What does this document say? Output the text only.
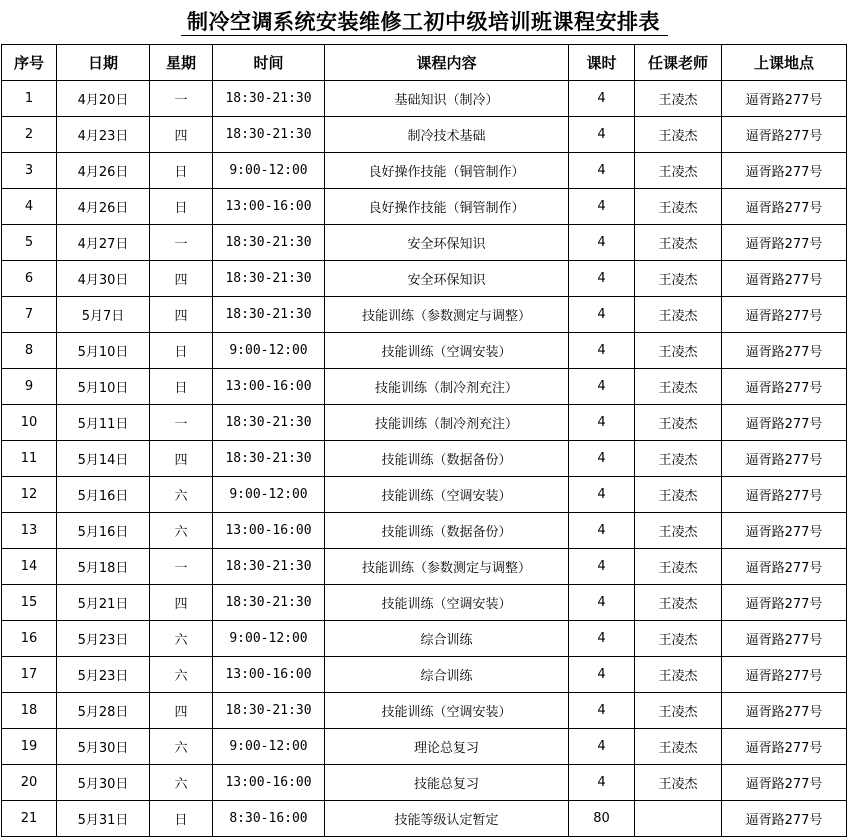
制冷空调系统安装维修工初中级培训班课程安排表
序号	日期	星期	时间	课程内容	课时	任课老师	上课地点
1	4月20日	一	18:30-21:30	基础知识（制冷）	4	王凌杰	逼胥路277号
2	4月23日	四	18:30-21:30	制冷技术基础	4	王凌杰	逼胥路277号
3	4月26日	日	9:00-12:00	良好操作技能（铜管制作）	4	王凌杰	逼胥路277号
4	4月26日	日	13:00-16:00	良好操作技能（铜管制作）	4	王凌杰	逼胥路277号
5	4月27日	一	18:30-21:30	安全环保知识	4	王凌杰	逼胥路277号
6	4月30日	四	18:30-21:30	安全环保知识	4	王凌杰	逼胥路277号
7	5月7日	四	18:30-21:30	技能训练（参数测定与调整）	4	王凌杰	逼胥路277号
8	5月10日	日	9:00-12:00	技能训练（空调安装）	4	王凌杰	逼胥路277号
9	5月10日	日	13:00-16:00	技能训练（制冷剂充注）	4	王凌杰	逼胥路277号
10	5月11日	一	18:30-21:30	技能训练（制冷剂充注）	4	王凌杰	逼胥路277号
11	5月14日	四	18:30-21:30	技能训练（数据备份）	4	王凌杰	逼胥路277号
12	5月16日	六	9:00-12:00	技能训练（空调安装）	4	王凌杰	逼胥路277号
13	5月16日	六	13:00-16:00	技能训练（数据备份）	4	王凌杰	逼胥路277号
14	5月18日	一	18:30-21:30	技能训练（参数测定与调整）	4	王凌杰	逼胥路277号
15	5月21日	四	18:30-21:30	技能训练（空调安装）	4	王凌杰	逼胥路277号
16	5月23日	六	9:00-12:00	综合训练	4	王凌杰	逼胥路277号
17	5月23日	六	13:00-16:00	综合训练	4	王凌杰	逼胥路277号
18	5月28日	四	18:30-21:30	技能训练（空调安装）	4	王凌杰	逼胥路277号
19	5月30日	六	9:00-12:00	理论总复习	4	王凌杰	逼胥路277号
20	5月30日	六	13:00-16:00	技能总复习	4	王凌杰	逼胥路277号
21	5月31日	日	8:30-16:00	技能等级认定暂定	80		逼胥路277号
